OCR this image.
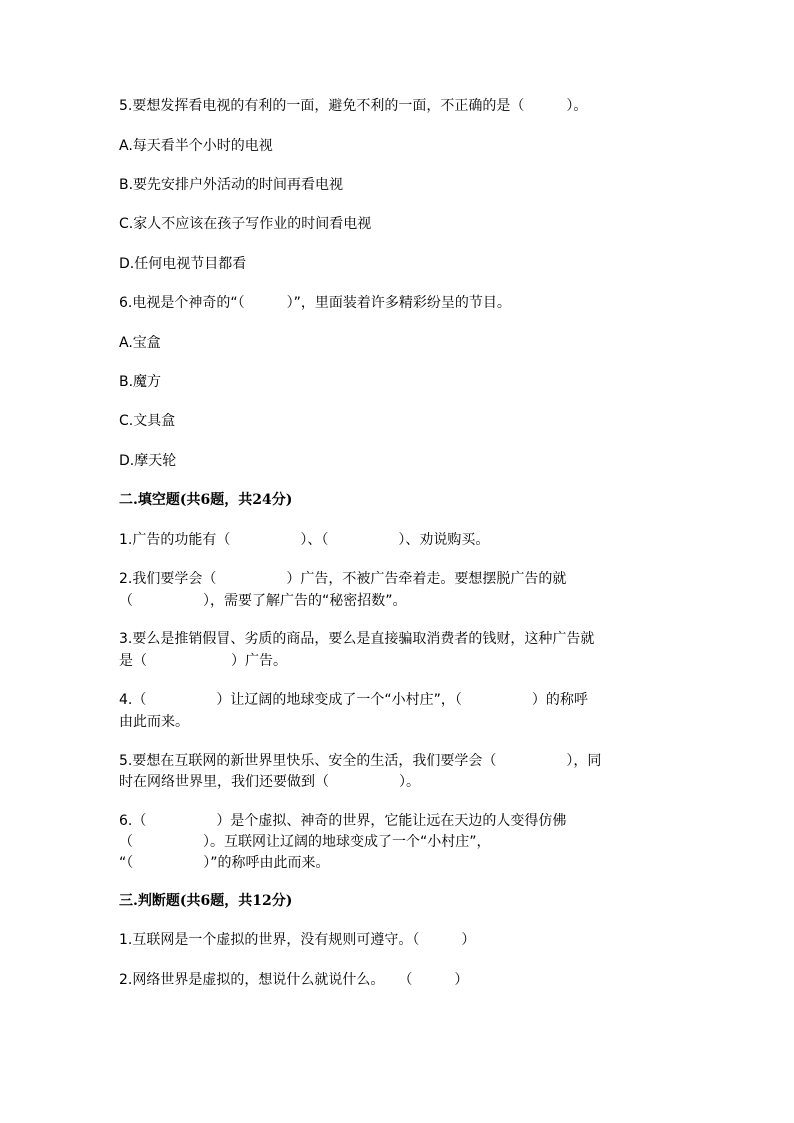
5.要想发挥看电视的有利的一面，避免不利的一面，不正确的是（　　　）。
A.每天看半个小时的电视
B.要先安排户外活动的时间再看电视
C.家人不应该在孩子写作业的时间看电视
D.任何电视节目都看
6.电视是个神奇的“（　　　）”，里面装着许多精彩纷呈的节目。
A.宝盒
B.魔方
C.文具盒
D.摩天轮
二.填空题(共6题，共24分)
1.广告的功能有（　　　　　）、（　　　　　）、劝说购买。
2.我们要学会（　　　　　）广告，不被广告牵着走。要想摆脱广告的就
（　　　　　），需要了解广告的“秘密招数”。
3.要么是推销假冒、劣质的商品，要么是直接骗取消费者的钱财，这种广告就
是（　　　　　　）广告。
4.（　　　　　）让辽阔的地球变成了一个“小村庄”，（　　　　　）的称呼
由此而来。
5.要想在互联网的新世界里快乐、安全的生活，我们要学会（　　　　　），同
时在网络世界里，我们还要做到（　　　　　）。
6.（　　　　　）是个虚拟、神奇的世界，它能让远在天边的人变得仿佛
（　　　　　）。互联网让辽阔的地球变成了一个“小村庄”，
“（　　　　　）”的称呼由此而来。
三.判断题(共6题，共12分)
1.互联网是一个虚拟的世界，没有规则可遵守。（　　　）
2.网络世界是虚拟的，想说什么就说什么。　　（　　　）
